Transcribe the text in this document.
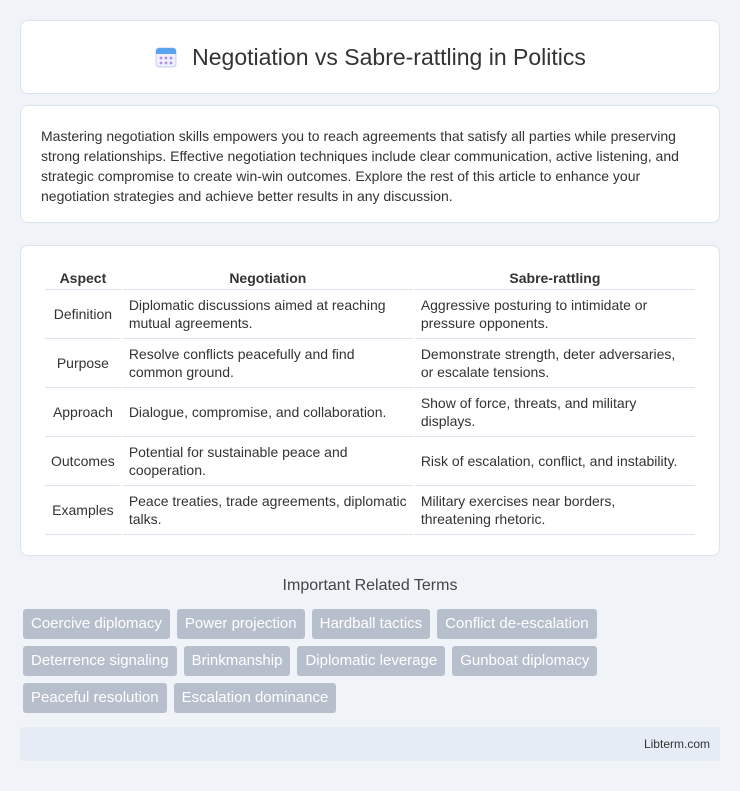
Negotiation vs Sabre-rattling in Politics

Mastering negotiation skills empowers you to reach agreements that satisfy all parties while preserving strong relationships. Effective negotiation techniques include clear communication, active listening, and strategic compromise to create win-win outcomes. Explore the rest of this article to enhance your negotiation strategies and achieve better results in any discussion.

Aspect	Negotiation	Sabre-rattling
Definition	Diplomatic discussions aimed at reaching mutual agreements.	Aggressive posturing to intimidate or pressure opponents.
Purpose	Resolve conflicts peacefully and find common ground.	Demonstrate strength, deter adversaries, or escalate tensions.
Approach	Dialogue, compromise, and collaboration.	Show of force, threats, and military displays.
Outcomes	Potential for sustainable peace and cooperation.	Risk of escalation, conflict, and instability.
Examples	Peace treaties, trade agreements, diplomatic talks.	Military exercises near borders, threatening rhetoric.
Important Related Terms
Coercive diplomacy	Power projection	Hardball tactics	Conflict de-escalation
Deterrence signaling	Brinkmanship	Diplomatic leverage	Gunboat diplomacy
Peaceful resolution	Escalation dominance
Libterm.com
